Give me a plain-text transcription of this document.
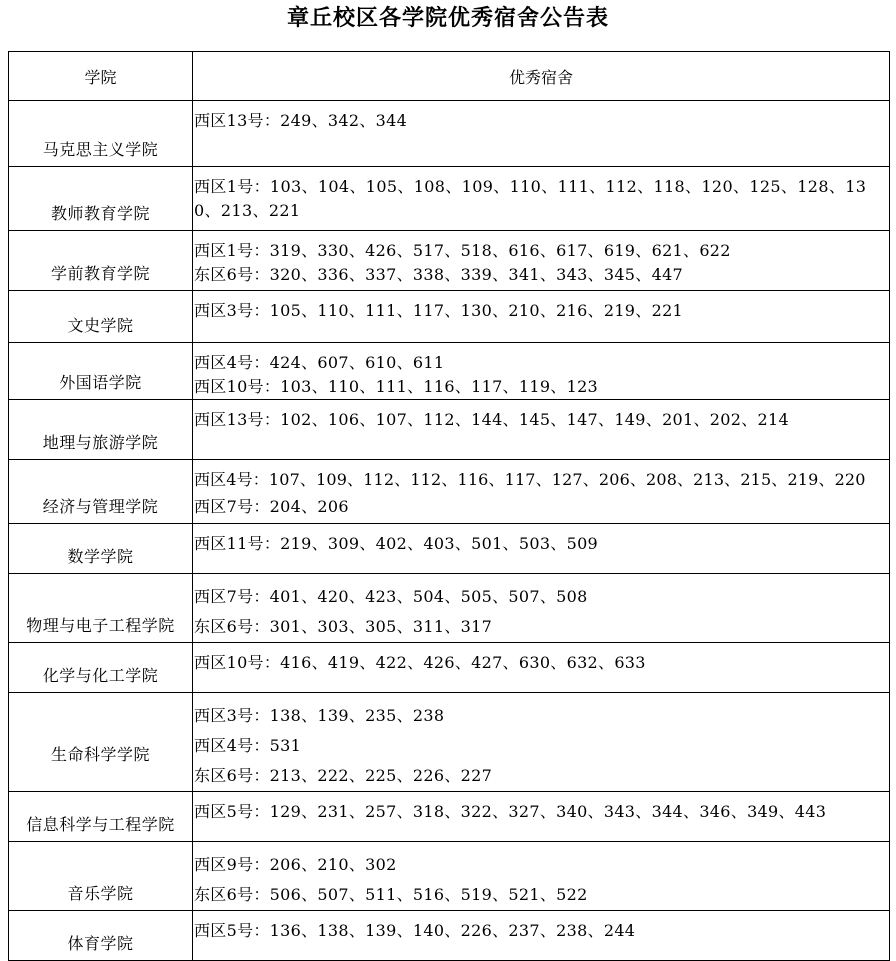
章丘校区各学院优秀宿舍公告表
学院	优秀宿舍

马克思主义学院	西区13号：249、342、344

教师教育学院	西区1号：103、104、105、108、109、110、111、112、118、120、125、128、130、213、221

学前教育学院	西区1号：319、330、426、517、518、616、617、619、621、622
东区6号：320、336、337、338、339、341、343、345、447

文史学院	西区3号：105、110、111、117、130、210、216、219、221

外国语学院	西区4号：424、607、610、611
西区10号：103、110、111、116、117、119、123

地理与旅游学院	西区13号：102、106、107、112、144、145、147、149、201、202、214

经济与管理学院	西区4号：107、109、112、112、116、117、127、206、208、213、215、219、220
西区7号：204、206

数学学院	西区11号：219、309、402、403、501、503、509

物理与电子工程学院	西区7号：401、420、423、504、505、507、508
东区6号：301、303、305、311、317

化学与化工学院	西区10号：416、419、422、426、427、630、632、633

生命科学学院	西区3号：138、139、235、238
西区4号：531
东区6号：213、222、225、226、227

信息科学与工程学院	西区5号：129、231、257、318、322、327、340、343、344、346、349、443

音乐学院	西区9号：206、210、302
东区6号：506、507、511、516、519、521、522

体育学院	西区5号：136、138、139、140、226、237、238、244
